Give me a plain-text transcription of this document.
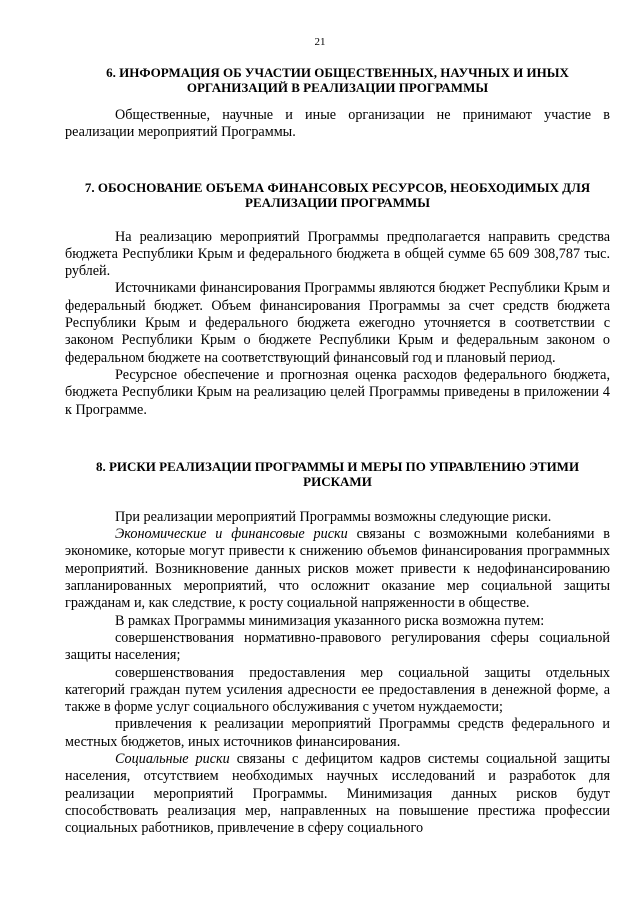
21

6. ИНФОРМАЦИЯ ОБ УЧАСТИИ ОБЩЕСТВЕННЫХ, НАУЧНЫХ И ИНЫХ ОРГАНИЗАЦИЙ В РЕАЛИЗАЦИИ ПРОГРАММЫ

Общественные, научные и иные организации не принимают участие в реализации мероприятий Программы.

7. ОБОСНОВАНИЕ ОБЪЕМА ФИНАНСОВЫХ РЕСУРСОВ, НЕОБХОДИМЫХ ДЛЯ РЕАЛИЗАЦИИ ПРОГРАММЫ

На реализацию мероприятий Программы предполагается направить средства бюджета Республики Крым и федерального бюджета в общей сумме 65 609 308,787 тыс. рублей.

Источниками финансирования Программы являются бюджет Республики Крым и федеральный бюджет. Объем финансирования Программы за счет средств бюджета Республики Крым и федерального бюджета ежегодно уточняется в соответствии с законом Республики Крым о бюджете Республики Крым и федеральным законом о федеральном бюджете на соответствующий финансовый год и плановый период.

Ресурсное обеспечение и прогнозная оценка расходов федерального бюджета, бюджета Республики Крым на реализацию целей Программы приведены в приложении 4 к Программе.

8. РИСКИ РЕАЛИЗАЦИИ ПРОГРАММЫ И МЕРЫ ПО УПРАВЛЕНИЮ ЭТИМИ РИСКАМИ

При реализации мероприятий Программы возможны следующие риски.

Экономические и финансовые риски связаны с возможными колебаниями в экономике, которые могут привести к снижению объемов финансирования программных мероприятий. Возникновение данных рисков может привести к недофинансированию запланированных мероприятий, что осложнит оказание мер социальной защиты гражданам и, как следствие, к росту социальной напряженности в обществе.

В рамках Программы минимизация указанного риска возможна путем:

совершенствования нормативно-правового регулирования сферы социальной защиты населения;

совершенствования предоставления мер социальной защиты отдельных категорий граждан путем усиления адресности ее предоставления в денежной форме, а также в форме услуг социального обслуживания с учетом нуждаемости;

привлечения к реализации мероприятий Программы средств федерального и местных бюджетов, иных источников финансирования.

Социальные риски связаны с дефицитом кадров системы социальной защиты населения, отсутствием необходимых научных исследований и разработок для реализации мероприятий Программы. Минимизация данных рисков будут способствовать реализация мер, направленных на повышение престижа профессии социальных работников, привлечение в сферу социального
